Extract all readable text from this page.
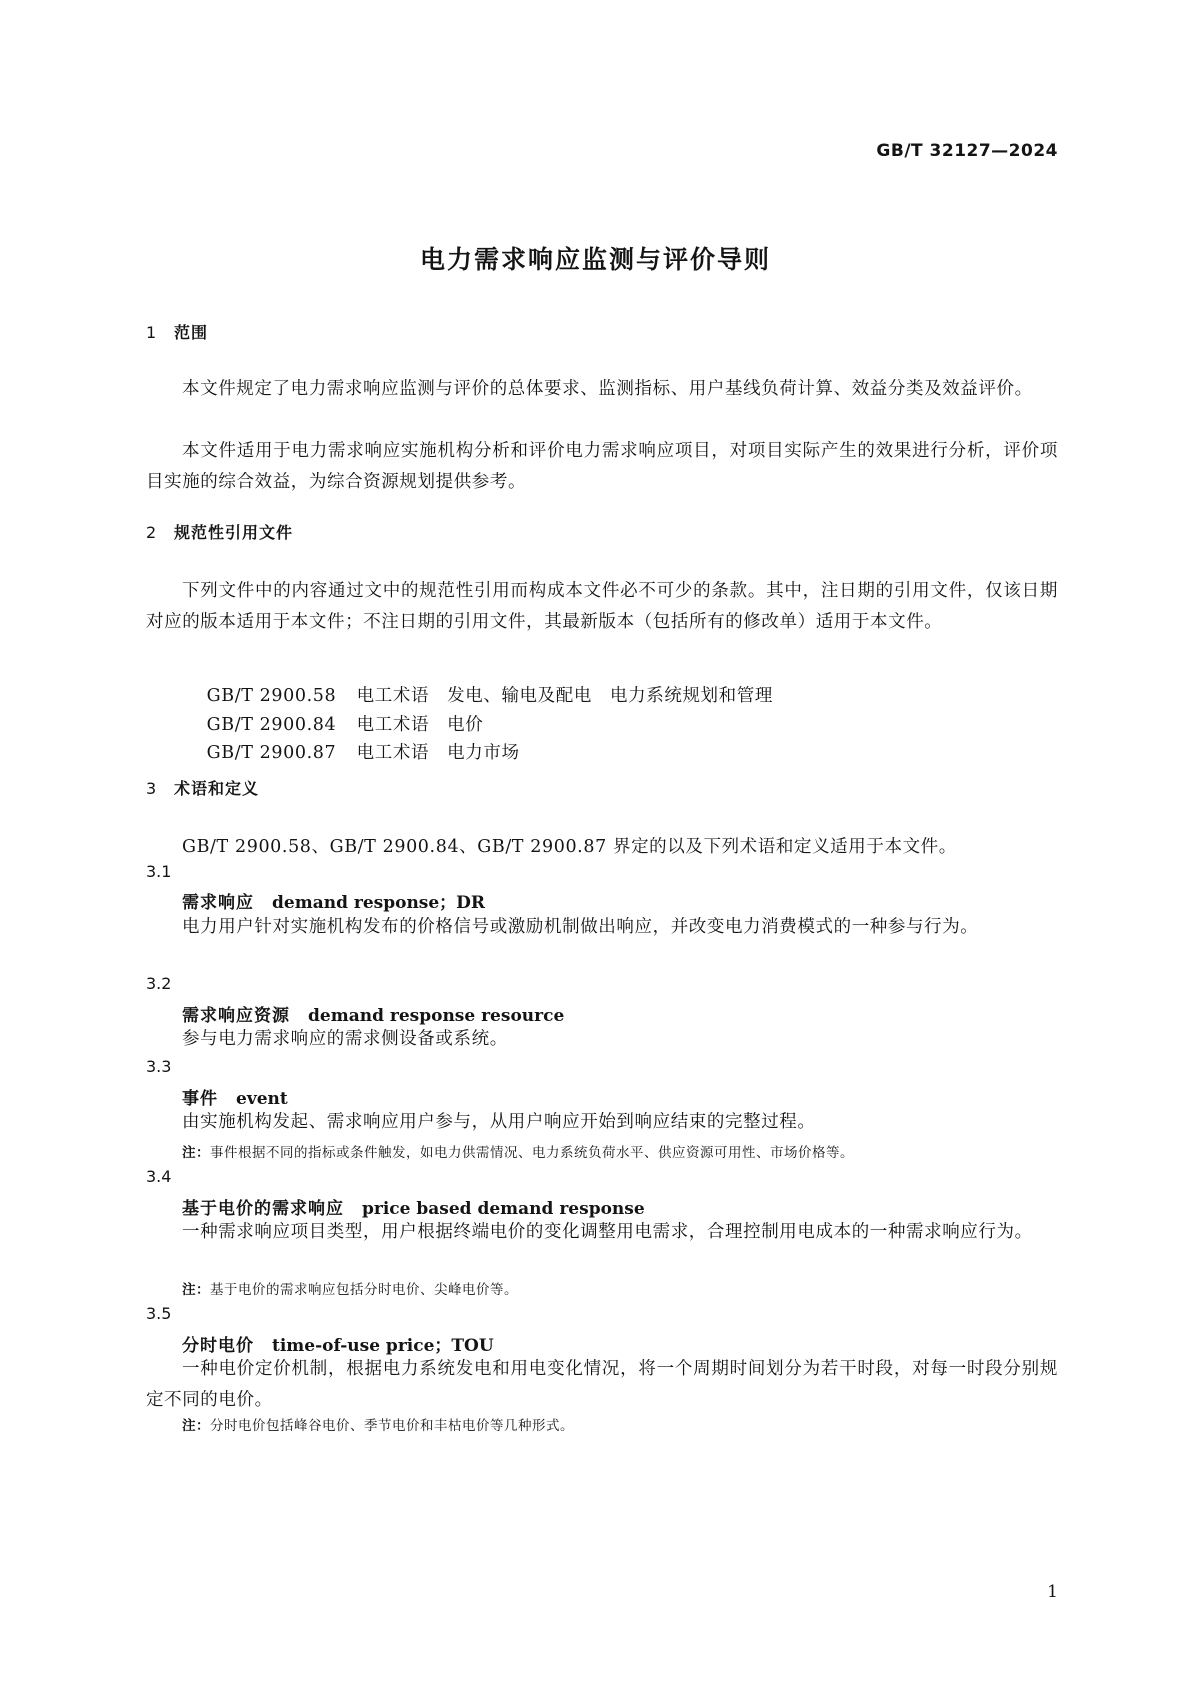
GB/T 32127—2024
电力需求响应监测与评价导则
1 范围

本文件规定了电力需求响应监测与评价的总体要求、监测指标、用户基线负荷计算、效益分类及效益评价。

本文件适用于电力需求响应实施机构分析和评价电力需求响应项目，对项目实际产生的效果进行分析，评价项目实施的综合效益，为综合资源规划提供参考。

2 规范性引用文件

下列文件中的内容通过文中的规范性引用而构成本文件必不可少的条款。其中，注日期的引用文件，仅该日期对应的版本适用于本文件；不注日期的引用文件，其最新版本（包括所有的修改单）适用于本文件。

GB/T 2900.58 电工术语　发电、输电及配电　电力系统规划和管理

GB/T 2900.84 电工术语　电价

GB/T 2900.87 电工术语　电力市场

3 术语和定义

GB/T 2900.58、GB/T 2900.84、GB/T 2900.87 界定的以及下列术语和定义适用于本文件。

3.1
需求响应 demand response；DR

电力用户针对实施机构发布的价格信号或激励机制做出响应，并改变电力消费模式的一种参与行为。

3.2
需求响应资源 demand response resource

参与电力需求响应的需求侧设备或系统。

3.3
事件 event

由实施机构发起、需求响应用户参与，从用户响应开始到响应结束的完整过程。

注：事件根据不同的指标或条件触发，如电力供需情况、电力系统负荷水平、供应资源可用性、市场价格等。
3.4
基于电价的需求响应 price based demand response

一种需求响应项目类型，用户根据终端电价的变化调整用电需求，合理控制用电成本的一种需求响应行为。

注：基于电价的需求响应包括分时电价、尖峰电价等。
3.5
分时电价 time-of-use price；TOU

一种电价定价机制，根据电力系统发电和用电变化情况，将一个周期时间划分为若干时段，对每一时段分别规定不同的电价。

注：分时电价包括峰谷电价、季节电价和丰枯电价等几种形式。
1
